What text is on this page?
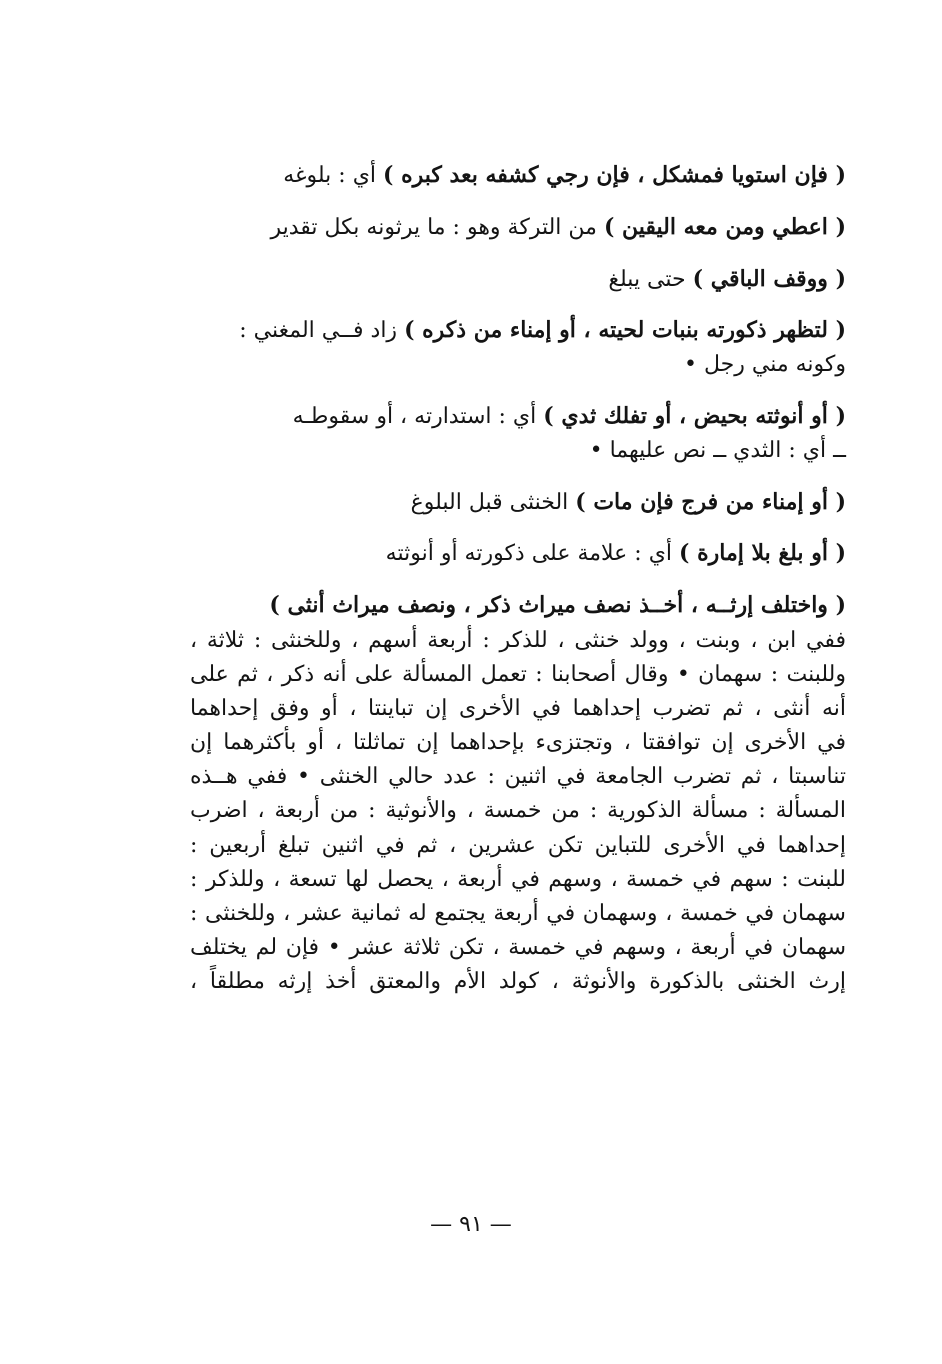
( فإن استويا فمشكل ، فإن رجي كشفه بعد كبره ) أي : بلوغه
( اعطي ومن معه اليقين ) من التركة وهو : ما يرثونه بكل تقدير
( ووقف الباقي ) حتى يبلغ
( لتظهر ذكورته بنبات لحيته ، أو إمناء من ذكره ) زاد فــي المغني :
وكونه مني رجل •
( أو أنوثته بحيض ، أو تفلك ثدي ) أي : استدارته ، أو سقوطـه
ــ أي : الثدي ــ نص عليهما •
( أو إمناء من فرج فإن مات ) الخنثى قبل البلوغ
( أو بلغ بلا إمارة ) أي : علامة على ذكورته أو أنوثته
( واختلف إرثــه ، أخــذ نصف ميراث ذكر ، ونصف ميراث أنثى )
ففي ابن ، وبنت ، وولد خنثى ، للذكر : أربعة أسهم ، وللخنثى : ثلاثة ،
وللبنت : سهمان • وقال أصحابنا : تعمل المسألة على أنه ذكر ، ثم على
أنه أنثى ، ثم تضرب إحداهما في الأخرى إن تباينتا ، أو وفق إحداهما
في الأخرى إن توافقتا ، وتجتزىء بإحداهما إن تماثلتا ، أو بأكثرهما إن
تناسبتا ، ثم تضرب الجامعة في اثنين : عدد حالي الخنثى • ففي هــذه
المسألة : مسألة الذكورية : من خمسة ، والأنوثية : من أربعة ، اضرب
إحداهما في الأخرى للتباين تكن عشرين ، ثم في اثنين تبلغ أربعين :
للبنت : سهم في خمسة ، وسهم في أربعة ، يحصل لها تسعة ، وللذكر :
سهمان في خمسة ، وسهمان في أربعة يجتمع له ثمانية عشر ، وللخنثى :
سهمان في أربعة ، وسهم في خمسة ، تكن ثلاثة عشر • فإن لم يختلف
إرث الخنثى بالذكورة والأنوثة ، كولد الأم والمعتق أخذ إرثه مطلقاً ،
— ٩١ —
